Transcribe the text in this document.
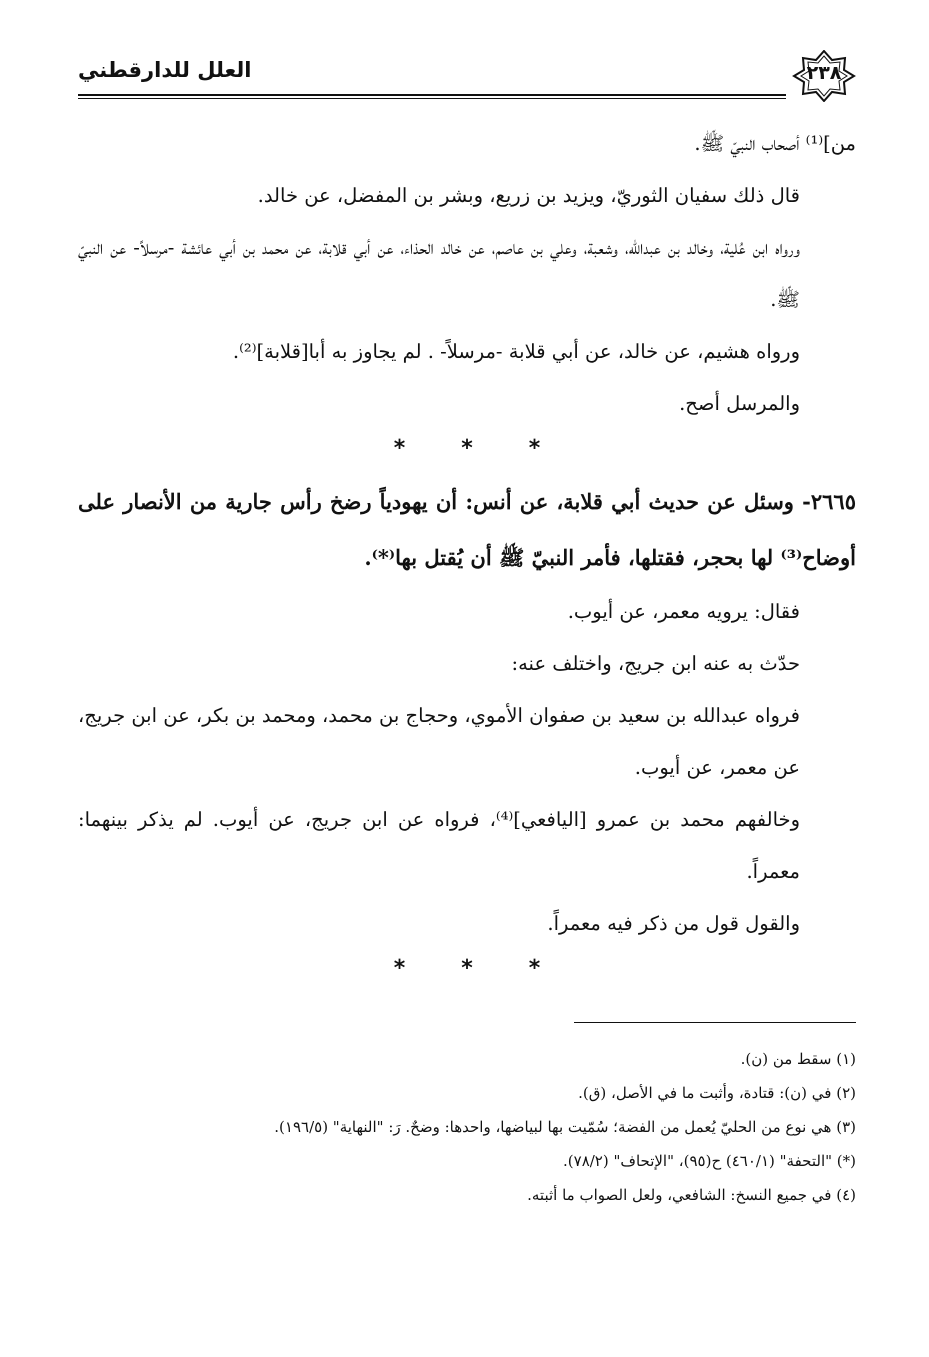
٢٣٨
العلل للدارقطني

من]⁽¹⁾ أصحاب النبيّ ﷺ.

قال ذلك سفيان الثوريّ، ويزيد بن زريع، وبشر بن المفضل، عن خالد.

ورواه ابن عُلية، وخالد بن عبدالله، وشعبة، وعلي بن عاصم، عن خالد الحذاء، عن أبي قلابة، عن محمد بن أبي عائشة -مرسلاً- عن النبيّ ﷺ.

ورواه هشيم، عن خالد، عن أبي قلابة -مرسلاً- . لم يجاوز به أبا[قلابة]⁽²⁾.

والمرسل أصح.

***

٢٦٦٥- وسئل عن حديث أبي قلابة، عن أنس: أن يهودياً رضخ رأس جارية من الأنصار على أوضاح⁽³⁾ لها بحجر، فقتلها، فأمر النبيّ ﷺ أن يُقتل بها⁽*⁾.

فقال: يرويه معمر، عن أيوب.

حدّث به عنه ابن جريج، واختلف عنه:

فرواه عبدالله بن سعيد بن صفوان الأموي، وحجاج بن محمد، ومحمد بن بكر، عن ابن جريج، عن معمر، عن أيوب.

وخالفهم محمد بن عمرو [اليافعي]⁽⁴⁾، فرواه عن ابن جريج، عن أيوب. لم يذكر بينهما: معمراً.

والقول قول من ذكر فيه معمراً.

***

(١) سقط من (ن).

(٢) في (ن): قتادة، وأثبت ما في الأصل، (ق).

(٣) هي نوع من الحليّ يُعمل من الفضة؛ سُمّيت بها لبياضها، واحدها: وضحٌ. رَ: "النهاية" (١٩٦/٥).

(*) "التحفة" (٤٦٠/١) ح(٩٥)، "الإتحاف" (٧٨/٢).

(٤) في جميع النسخ: الشافعي، ولعل الصواب ما أثبته.
